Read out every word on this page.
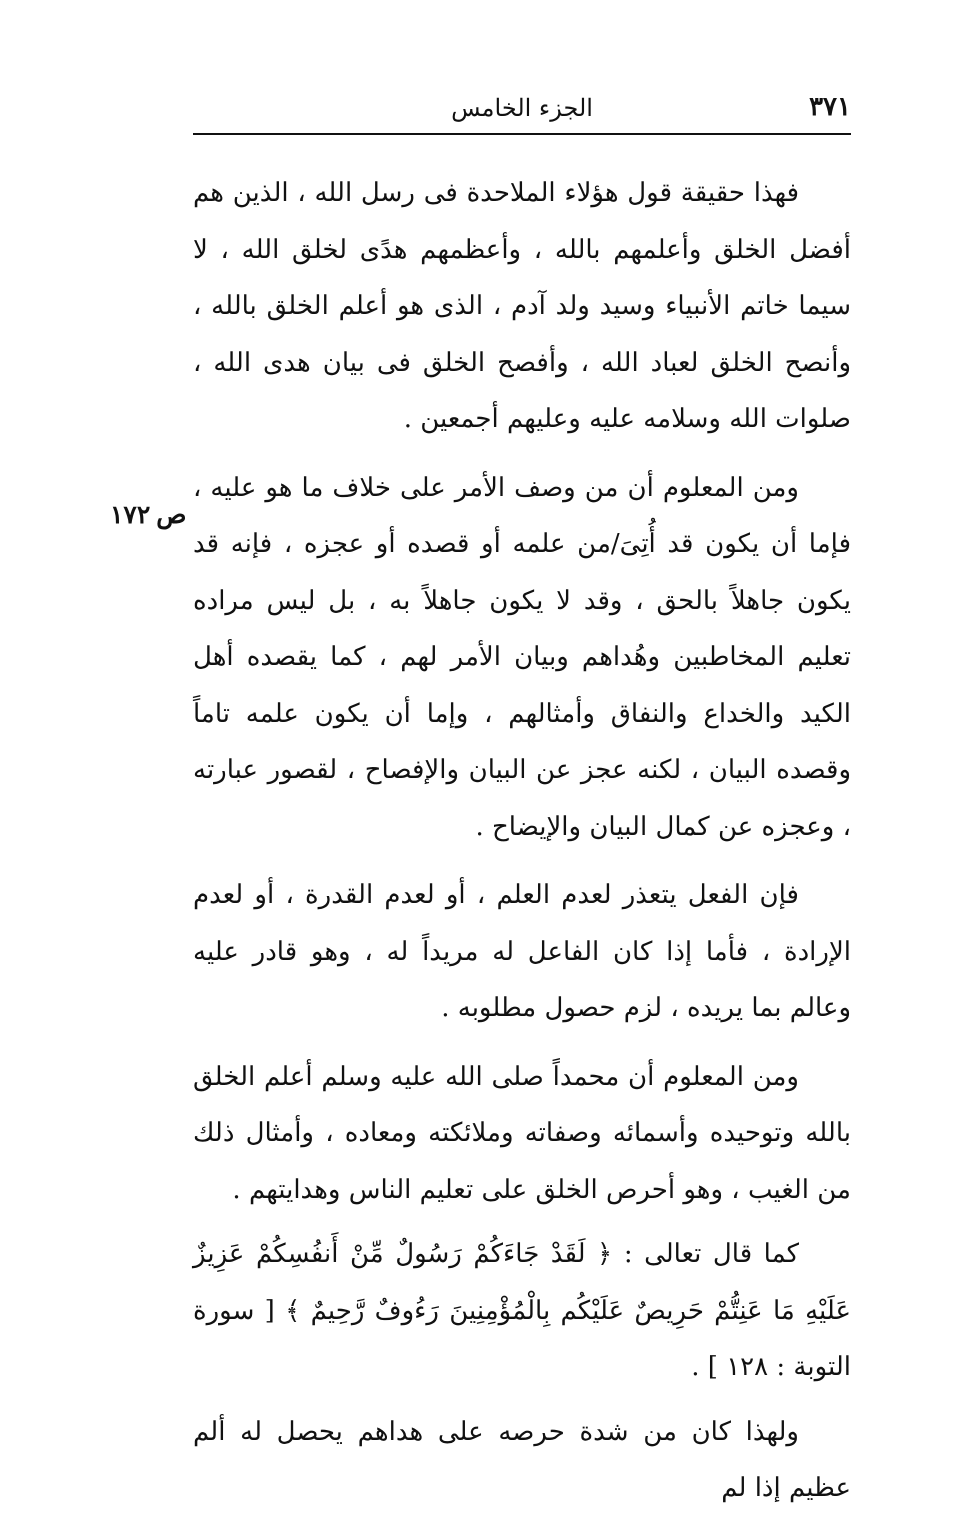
٣٧١
الجزء الخامس
ص١٧٢

فهذا حقيقة قول هؤلاء الملاحدة فى رسل الله ، الذين هم أفضل الخلق وأعلمهم بالله ، وأعظمهم هدًى لخلق الله ، لا سيما خاتم الأنبياء وسيد ولد آدم ، الذى هو أعلم الخلق بالله ، وأنصح الخلق لعباد الله ، وأفصح الخلق فى بيان هدى الله ، صلوات الله وسلامه عليه وعليهم أجمعين .

ومن المعلوم أن من وصف الأمر على خلاف ما هو عليه ، فإما أن يكون قد أُتِىَ/من علمه أو قصده أو عجزه ، فإنه قد يكون جاهلاً بالحق ، وقد لا يكون جاهلاً به ، بل ليس مراده تعليم المخاطبين وهُداهم وبيان الأمر لهم ، كما يقصده أهل الكيد والخداع والنفاق وأمثالهم ، وإما أن يكون علمه تاماً وقصده البيان ، لكنه عجز عن البيان والإفصاح ، لقصور عبارته ، وعجزه عن كمال البيان والإيضاح .

فإن الفعل يتعذر لعدم العلم ، أو لعدم القدرة ، أو لعدم الإرادة ، فأما إذا كان الفاعل له مريداً له ، وهو قادر عليه وعالم بما يريده ، لزم حصول مطلوبه .

ومن المعلوم أن محمداً صلى الله عليه وسلم أعلم الخلق بالله وتوحيده وأسمائه وصفاته وملائكته ومعاده ، وأمثال ذلك من الغيب ، وهو أحرص الخلق على تعليم الناس وهدايتهم .

كما قال تعالى : ﴿ لَقَدْ جَاءَكُمْ رَسُولٌ مِّنْ أَنفُسِكُمْ عَزِيزٌ عَلَيْهِ مَا عَنِتُّمْ حَرِيصٌ عَلَيْكُم بِالْمُؤْمِنِينَ رَءُوفٌ رَّحِيمٌ ﴾ [ سورة التوبة : ١٢٨ ] .

ولهذا كان من شدة حرصه على هداهم يحصل له ألم عظيم إذا لم
